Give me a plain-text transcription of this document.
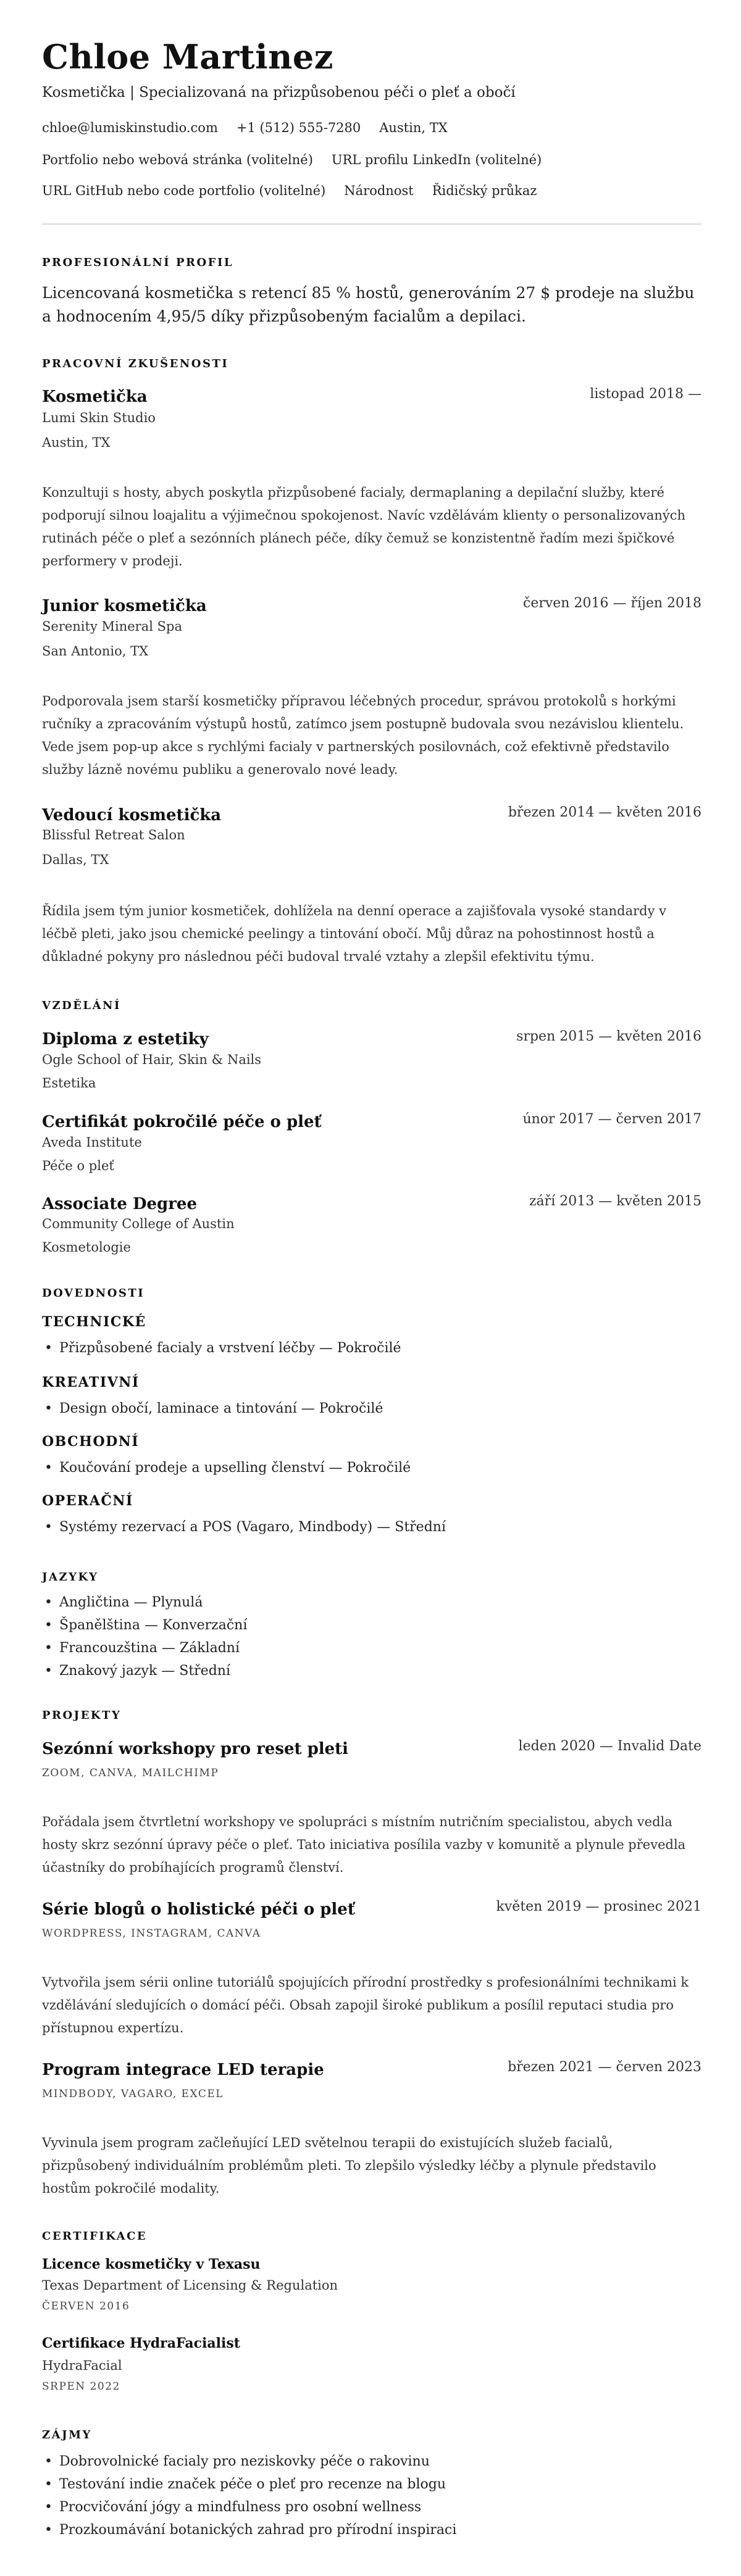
Chloe Martinez
Kosmetička | Specializovaná na přizpůsobenou péči o pleť a obočí
chloe@lumiskinstudio.com +1 (512) 555-7280 Austin, TX
Portfolio nebo webová stránka (volitelné) URL profilu LinkedIn (volitelné)
URL GitHub nebo code portfolio (volitelné) Národnost Řidičský průkaz
PROFESIONÁLNÍ PROFIL
Licencovaná kosmetička s retencí 85 % hostů, generováním 27 $ prodeje na službu a hodnocením 4,95/5 díky přizpůsobeným facialům a depilaci.
PRACOVNÍ ZKUŠENOSTI
Kosmetička	listopad 2018 —
Lumi Skin Studio
Austin, TX
Konzultuji s hosty, abych poskytla přizpůsobené facialy, dermaplaning a depilační služby, které podporují silnou loajalitu a výjimečnou spokojenost. Navíc vzdělávám klienty o personalizovaných rutinách péče o pleť a sezónních plánech péče, díky čemuž se konzistentně řadím mezi špičkové performery v prodeji.
Junior kosmetička	červen 2016 — říjen 2018
Serenity Mineral Spa
San Antonio, TX
Podporovala jsem starší kosmetičky přípravou léčebných procedur, správou protokolů s horkými ručníky a zpracováním výstupů hostů, zatímco jsem postupně budovala svou nezávislou klientelu. Vede jsem pop-up akce s rychlými facialy v partnerských posilovnách, což efektivně představilo služby lázně novému publiku a generovalo nové leady.
Vedoucí kosmetička	březen 2014 — květen 2016
Blissful Retreat Salon
Dallas, TX
Řídila jsem tým junior kosmetiček, dohlížela na denní operace a zajišťovala vysoké standardy v léčbě pleti, jako jsou chemické peelingy a tintování obočí. Můj důraz na pohostinnost hostů a důkladné pokyny pro následnou péči budoval trvalé vztahy a zlepšil efektivitu týmu.
VZDĚLÁNÍ
Diploma z estetiky	srpen 2015 — květen 2016
Ogle School of Hair, Skin & Nails
Estetika
Certifikát pokročilé péče o pleť	únor 2017 — červen 2017
Aveda Institute
Péče o pleť
Associate Degree	září 2013 — květen 2015
Community College of Austin
Kosmetologie
DOVEDNOSTI
TECHNICKÉ
• Přizpůsobené facialy a vrstvení léčby — Pokročilé
KREATIVNÍ
• Design obočí, laminace a tintování — Pokročilé
OBCHODNÍ
• Koučování prodeje a upselling členství — Pokročilé
OPERAČNÍ
• Systémy rezervací a POS (Vagaro, Mindbody) — Střední
JAZYKY
• Angličtina — Plynulá
• Španělština — Konverzační
• Francouzština — Základní
• Znakový jazyk — Střední
PROJEKTY
Sezónní workshopy pro reset pleti	leden 2020 — Invalid Date
ZOOM, CANVA, MAILCHIMP
Pořádala jsem čtvrtletní workshopy ve spolupráci s místním nutričním specialistou, abych vedla hosty skrz sezónní úpravy péče o pleť. Tato iniciativa posílila vazby v komunitě a plynule převedla účastníky do probíhajících programů členství.
Série blogů o holistické péči o pleť	květen 2019 — prosinec 2021
WORDPRESS, INSTAGRAM, CANVA
Vytvořila jsem sérii online tutoriálů spojujících přírodní prostředky s profesionálními technikami k vzdělávání sledujících o domácí péči. Obsah zapojil široké publikum a posílil reputaci studia pro přístupnou expertízu.
Program integrace LED terapie	březen 2021 — červen 2023
MINDBODY, VAGARO, EXCEL
Vyvinula jsem program začleňující LED světelnou terapii do existujících služeb facialů, přizpůsobený individuálním problémům pleti. To zlepšilo výsledky léčby a plynule představilo hostům pokročilé modality.
CERTIFIKACE
Licence kosmetičky v Texasu
Texas Department of Licensing & Regulation
ČERVEN 2016
Certifikace HydraFacialist
HydraFacial
SRPEN 2022
ZÁJMY
• Dobrovolnické facialy pro neziskovky péče o rakovinu
• Testování indie značek péče o pleť pro recenze na blogu
• Procvičování jógy a mindfulness pro osobní wellness
• Prozkoumávání botanických zahrad pro přírodní inspiraci
